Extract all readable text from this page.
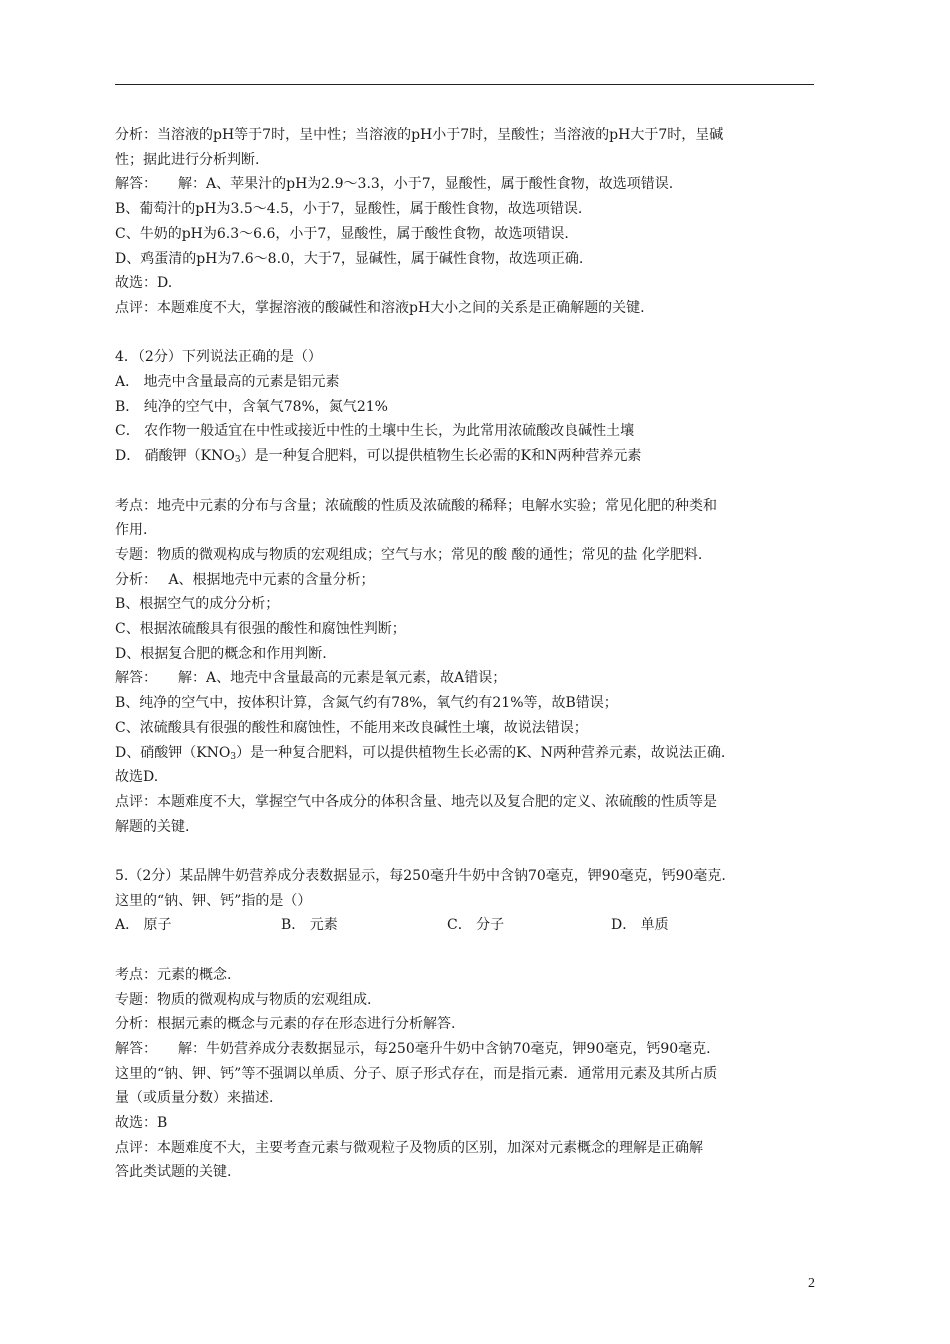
分析：当溶液的pH等于7时，呈中性；当溶液的pH小于7时，呈酸性；当溶液的pH大于7时，呈碱
性；据此进行分析判断.
解答：　　解：A、苹果汁的pH为2.9～3.3，小于7，显酸性，属于酸性食物，故选项错误.
B、葡萄汁的pH为3.5～4.5，小于7，显酸性，属于酸性食物，故选项错误.
C、牛奶的pH为6.3～6.6，小于7，显酸性，属于酸性食物，故选项错误.
D、鸡蛋清的pH为7.6～8.0，大于7，显碱性，属于碱性食物，故选项正确.
故选：D.
点评：本题难度不大，掌握溶液的酸碱性和溶液pH大小之间的关系是正确解题的关键.
4．（2分）下列说法正确的是（）
A． 地壳中含量最高的元素是铝元素
B． 纯净的空气中，含氧气78%，氮气21%
C． 农作物一般适宜在中性或接近中性的土壤中生长，为此常用浓硫酸改良碱性土壤
D． 硝酸钾$(KNO_3)$是一种复合肥料，可以提供植物生长必需的K和N两种营养元素
考点：地壳中元素的分布与含量；浓硫酸的性质及浓硫酸的稀释；电解水实验；常见化肥的种类和
作用.
专题：物质的微观构成与物质的宏观组成；空气与水；常见的酸 酸的通性；常见的盐 化学肥料.
分析：　 A、根据地壳中元素的含量分析；
B、根据空气的成分分析；
C、根据浓硫酸具有很强的酸性和腐蚀性判断；
D、根据复合肥的概念和作用判断.
解答：　　解：A、地壳中含量最高的元素是氧元素，故A错误；
B、纯净的空气中，按体积计算，含氮气约有78%，氧气约有21%等，故B错误；
C、浓硫酸具有很强的酸性和腐蚀性，不能用来改良碱性土壤，故说法错误；
D、硝酸钾$(KNO_3)$是一种复合肥料，可以提供植物生长必需的K、N两种营养元素，故说法正确.
故选D.
点评：本题难度不大，掌握空气中各成分的体积含量、地壳以及复合肥的定义、浓硫酸的性质等是
解题的关键.
5.（2分）某品牌牛奶营养成分表数据显示，每250毫升牛奶中含钠70毫克，钾90毫克，钙90毫克.
这里的“钠、钾、钙”指的是（）
A． 原子	B． 元素	C． 分子	D． 单质
考点：元素的概念.
专题：物质的微观构成与物质的宏观组成.
分析：根据元素的概念与元素的存在形态进行分析解答.
解答：　　解：牛奶营养成分表数据显示，每250毫升牛奶中含钠70毫克，钾90毫克，钙90毫克.
这里的“钠、钾、钙”等不强调以单质、分子、原子形式存在，而是指元素．通常用元素及其所占质
量（或质量分数）来描述.
故选：B
点评：本题难度不大，主要考查元素与微观粒子及物质的区别，加深对元素概念的理解是正确解
答此类试题的关键.
2
